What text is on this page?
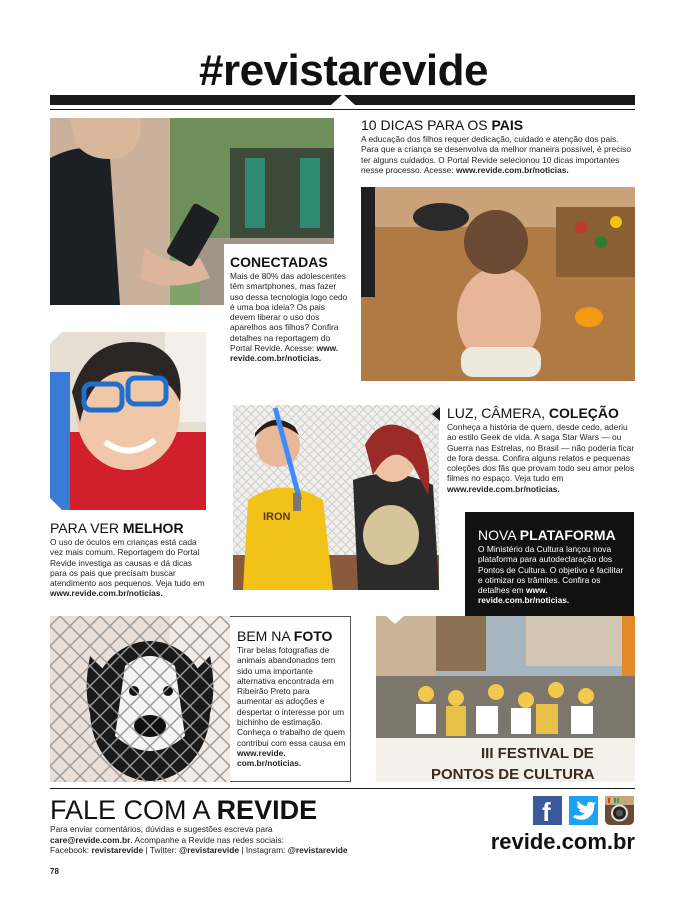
#revistarevide
10 DICAS PARA OS PAIS
A educação dos filhos requer dedicação, cuidado e atenção dos pais. Para que a criança se desenvolva da melhor maneira possível, é preciso ter alguns cuidados. O Portal Revide selecionou 10 dicas importantes nesse processo. Acesse: www.revide.com.br/noticias.
CONECTADAS
Mais de 80% das adolescentes têm smartphones, mas fazer uso dessa tecnologia logo cedo é uma boa ideia? Os pais devem liberar o uso dos aparelhos aos filhos? Confira detalhes na reportagem do Portal Revide. Acesse: www. revide.com.br/noticias.
PARA VER MELHOR
O uso de óculos em crianças está cada vez mais comum. Reportagem do Portal Revide investiga as causas e dá dicas para os pais que precisam buscar atendimento aos pequenos. Veja tudo em www.revide.com.br/noticias.
IRON
LUZ, CÂMERA, COLEÇÃO
Conheça a história de quem, desde cedo, aderiu ao estilo Geek de vida. A saga Star Wars — ou Guerra nas Estrelas, no Brasil — não poderia ficar de fora dessa. Confira alguns relatos e pequenas coleções dos fãs que provam todo seu amor pelos filmes no espaço. Veja tudo em www.revide.com.br/noticias.
NOVA PLATAFORMA
O Ministério da Cultura lançou nova plataforma para autodeclaração dos Pontos de Cultura. O objetivo é facilitar e otimizar os trâmites. Confira os detalhes em www. revide.com.br/noticias.
BEM NA FOTO
Tirar belas fotografias de animais abandonados tem sido uma importante alternativa encontrada em Ribeirão Preto para aumentar as adoções e despertar o interesse por um bichinho de estimação. Conheça o trabalho de quem contribui com essa causa em www.revide. com.br/noticias.
III FESTIVAL DE
PONTOS DE CULTURA
FALE COM A REVIDE
Para enviar comentários, dúvidas e sugestões escreva para
care@revide.com.br. Acompanhe a Revide nas redes sociais:
Facebook: revistarevide | Twitter: @revistarevide | Instagram: @revistarevide
f
revide.com.br
78
